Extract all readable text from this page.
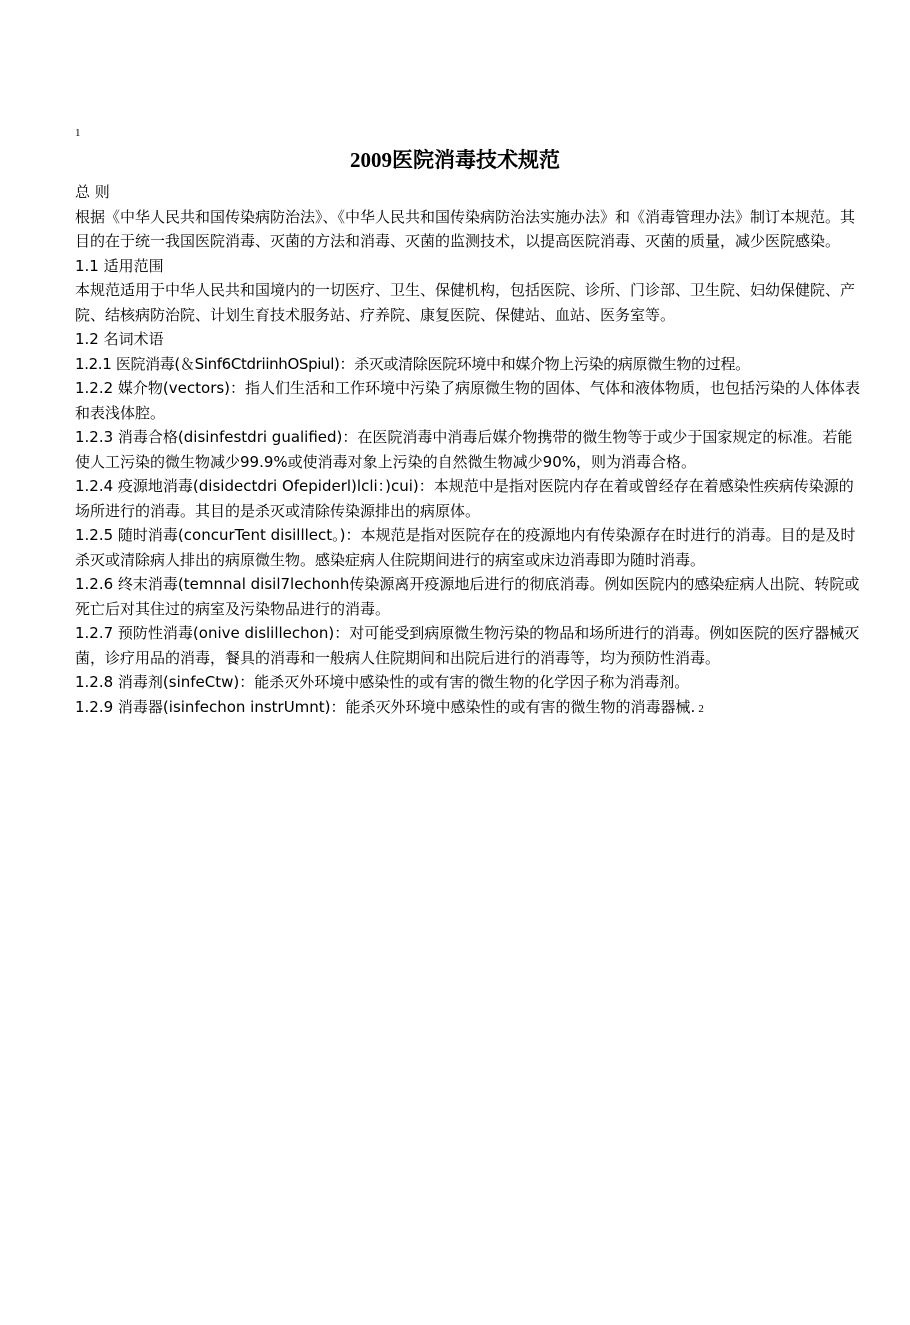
1
2009医院消毒技术规范

总 则

根据《中华人民共和国传染病防治法》、《中华人民共和国传染病防治法实施办法》和《消毒管理办法》制订本规范。其目的在于统一我国医院消毒、灭菌的方法和消毒、灭菌的监测技术，以提高医院消毒、灭菌的质量，减少医院感染。

1.1 适用范围

本规范适用于中华人民共和国境内的一切医疗、卫生、保健机构，包括医院、诊所、门诊部、卫生院、妇幼保健院、产院、结核病防治院、计划生育技术服务站、疗养院、康复医院、保健站、血站、医务室等。

1.2 名词术语

1.2.1 医院消毒(＆Sinf6CtdriinhOSpiul)：杀灭或清除医院环境中和媒介物上污染的病原微生物的过程。

1.2.2 媒介物(vectors)：指人们生活和工作环境中污染了病原微生物的固体、气体和液体物质，也包括污染的人体体表和表浅体腔。

1.2.3 消毒合格(disinfestdri gualified)：在医院消毒中消毒后媒介物携带的微生物等于或少于国家规定的标准。若能使人工污染的微生物减少99.9%或使消毒对象上污染的自然微生物减少90%，则为消毒合格。

1.2.4 疫源地消毒(disidectdri Ofepiderl)lcli：)cui)：本规范中是指对医院内存在着或曾经存在着感染性疾病传染源的场所进行的消毒。其目的是杀灭或清除传染源排出的病原体。

1.2.5 随时消毒(concurTent disilllect。)：本规范是指对医院存在的疫源地内有传染源存在时进行的消毒。目的是及时杀灭或清除病人排出的病原微生物。感染症病人住院期间进行的病室或床边消毒即为随时消毒。

1.2.6 终末消毒(temnnal disil7lechonh传染源离开疫源地后进行的彻底消毒。例如医院内的感染症病人出院、转院或死亡后对其住过的病室及污染物品进行的消毒。

1.2.7 预防性消毒(onive dislillechon)：对可能受到病原微生物污染的物品和场所进行的消毒。例如医院的医疗器械灭菌，诊疗用品的消毒，餐具的消毒和一般病人住院期间和出院后进行的消毒等，均为预防性消毒。

1.2.8 消毒剂(sinfeCtw)：能杀灭外环境中感染性的或有害的微生物的化学因子称为消毒剂。

1.2.9 消毒器(isinfechon instrUmnt)：能杀灭外环境中感染性的或有害的微生物的消毒器械. 2
